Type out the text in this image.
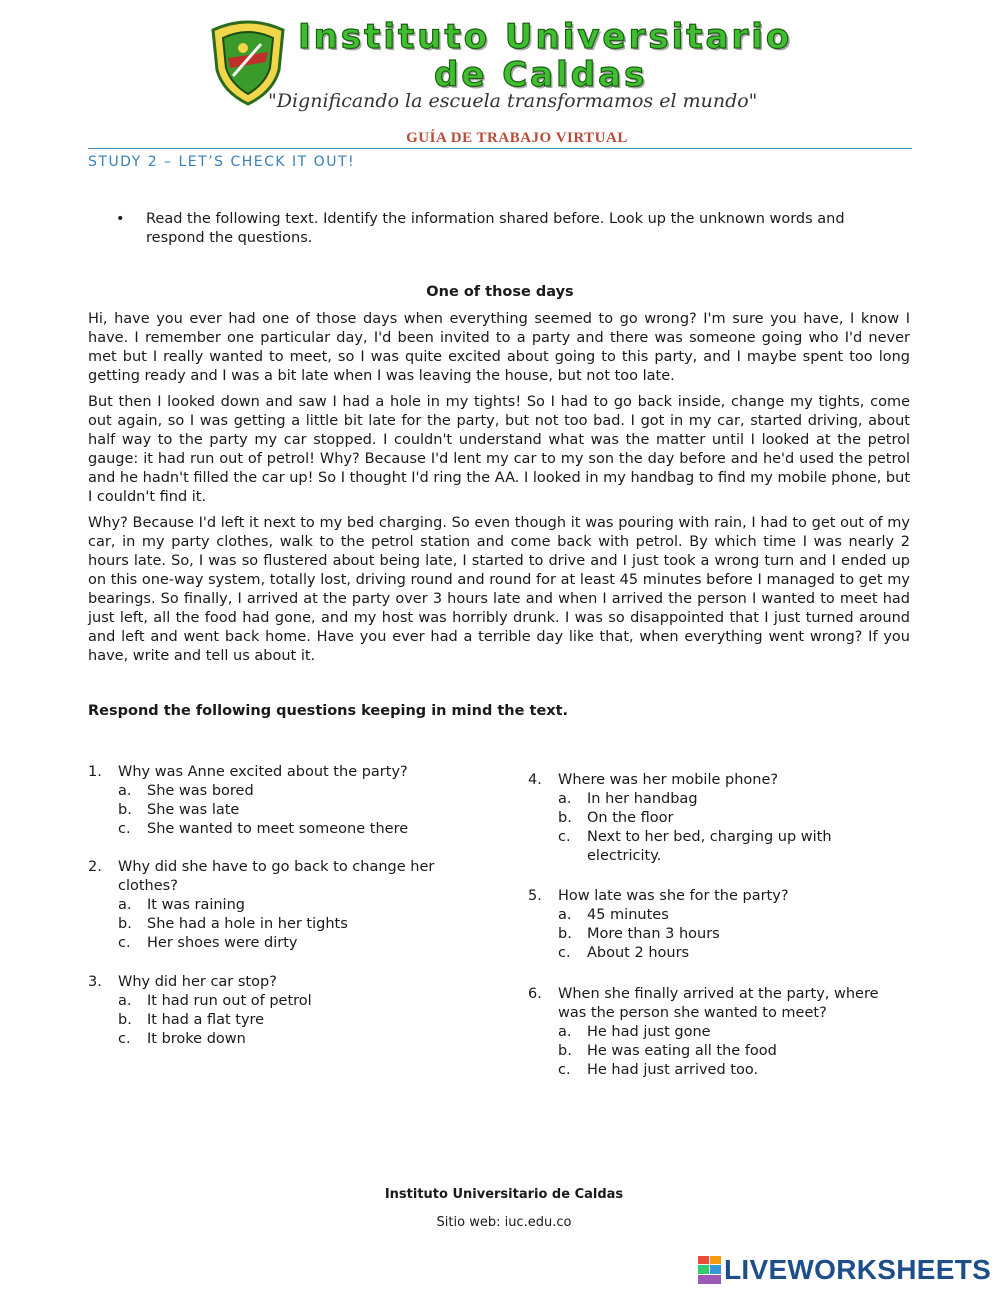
Instituto Universitario
de Caldas
"Dignificando la escuela transformamos el mundo"
GUÍA DE TRABAJO VIRTUAL
STUDY 2 – LET’S CHECK IT OUT!
•	Read the following text. Identify the information shared before. Look up the unknown words and respond the questions.
One of those days

Hi, have you ever had one of those days when everything seemed to go wrong? I'm sure you have, I know I have. I remember one particular day, I'd been invited to a party and there was someone going who I'd never met but I really wanted to meet, so I was quite excited about going to this party, and I maybe spent too long getting ready and I was a bit late when I was leaving the house, but not too late.

But then I looked down and saw I had a hole in my tights! So I had to go back inside, change my tights, come out again, so I was getting a little bit late for the party, but not too bad. I got in my car, started driving, about half way to the party my car stopped. I couldn't understand what was the matter until I looked at the petrol gauge: it had run out of petrol! Why? Because I'd lent my car to my son the day before and he'd used the petrol and he hadn't filled the car up! So I thought I'd ring the AA. I looked in my handbag to find my mobile phone, but I couldn't find it.

Why? Because I'd left it next to my bed charging. So even though it was pouring with rain, I had to get out of my car, in my party clothes, walk to the petrol station and come back with petrol. By which time I was nearly 2 hours late. So, I was so flustered about being late, I started to drive and I just took a wrong turn and I ended up on this one-way system, totally lost, driving round and round for at least 45 minutes before I managed to get my bearings. So finally, I arrived at the party over 3 hours late and when I arrived the person I wanted to meet had just left, all the food had gone, and my host was horribly drunk. I was so disappointed that I just turned around and left and went back home. Have you ever had a terrible day like that, when everything went wrong? If you have, write and tell us about it.

Respond the following questions keeping in mind the text.
1. Why was Anne excited about the party?
a. She was bored
b. She was late
c. She wanted to meet someone there
2. Why did she have to go back to change her clothes?
a. It was raining
b. She had a hole in her tights
c. Her shoes were dirty
3. Why did her car stop?
a. It had run out of petrol
b. It had a flat tyre
c. It broke down
4. Where was her mobile phone?
a. In her handbag
b. On the floor
c. Next to her bed, charging up with electricity.
5. How late was she for the party?
a. 45 minutes
b. More than 3 hours
c. About 2 hours
6. When she finally arrived at the party, where was the person she wanted to meet?
a. He had just gone
b. He was eating all the food
c. He had just arrived too.
Instituto Universitario de Caldas
Sitio web: iuc.edu.co
LIVEWORKSHEETS
